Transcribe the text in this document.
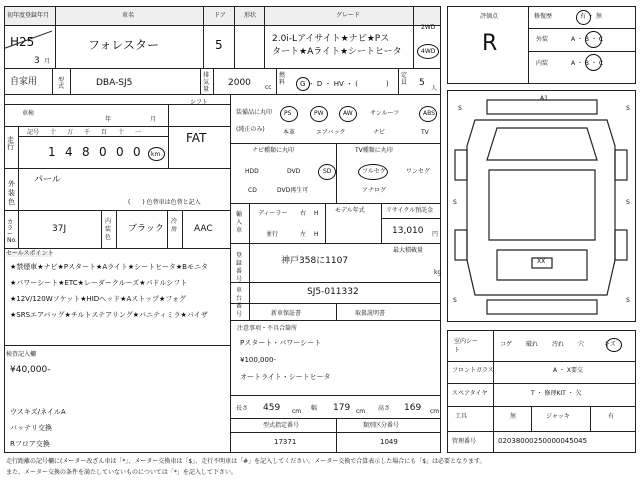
初年度登録年月	車名	ドア	形状	グレード
H25
3 月
フォレスター	5	2.0i-Lアイサイト★ナビ★Pス
タート★Aライト★シートヒータ
2WD
4WD
自家用	型式	DBA-SJ5
排気量
2000 cc
燃料 G ・ D ・ HV ・ (　　　　)
定員 5
人
車検
年	月
走行
記号 十 万 千 百 十 一
1 4 8 0 0 0 km
シフト
FAT
外装色
パール
(　　) 色替車は色替と記入
カラーNo.
37J
内装色
ブラック
冷房 AAC
セールスポイント
★禁煙車★ナビ★Pスタート★Aライト★シートヒータ★Bモニタ
★パワーシート★ETC★レーダークルーズ★パドルシフト
★12V/120Wソケット★HIDヘッド★Aストップ★フォグ
★SRSエアバッグ★チルトステアリング★バニティミラ★バイザ
検査記入欄
¥40,000-
ウスキズ/ネイルA
バッテリ交換
Rフロア交換
装備品に丸印
(純正のみ)
PS	PW	AW	サンルーフ	ABS
本革	エアバック	ナビ	TV
ナビ種類に丸印	TV種類に丸印
HDD	DVD	SD
CD	DVD再生可
フルセグ	ワンセグ
アナログ
輸入車
ディーラー
並行
右
左
H
H
モデル年式	リサイクル預託金
13,010 円
登録番号
最大積載量
神戸358に1107
kg
車台番号
SJ5-011332
新車保証書	取扱説明書
注意事項・不具合箇所
Pスタート・パワーシート
¥100,000-
オートライト・シートヒータ
長さ 459 cm 幅 179 cm 高さ 169 cm
型式指定番号	類別区分番号
17371	1049
評価点
R
修復歴	有 ・ 無
外装	A ・ B ・ C
内装	A ・ B ・ C
A1
XX
S	S
S	S
S	S
室内シート
コゲ 破れ 汚れ 穴	キズ
フロントガラス	A ・ X要交
スペアタイヤ	T ・ 修理KIT ・ 欠
工具	無	ジャッキ	有
管理番号	02038000250000045045
走行距離の記号欄に(メーター改ざん車は「*」、メーター交換車は「$」、走行不明車は「#」を記入してください。メーター交換で合算表示した場合にも「$」は必要となります。
また、メーター交換の条件を満たしていないものについては「*」を記入して下さい。
